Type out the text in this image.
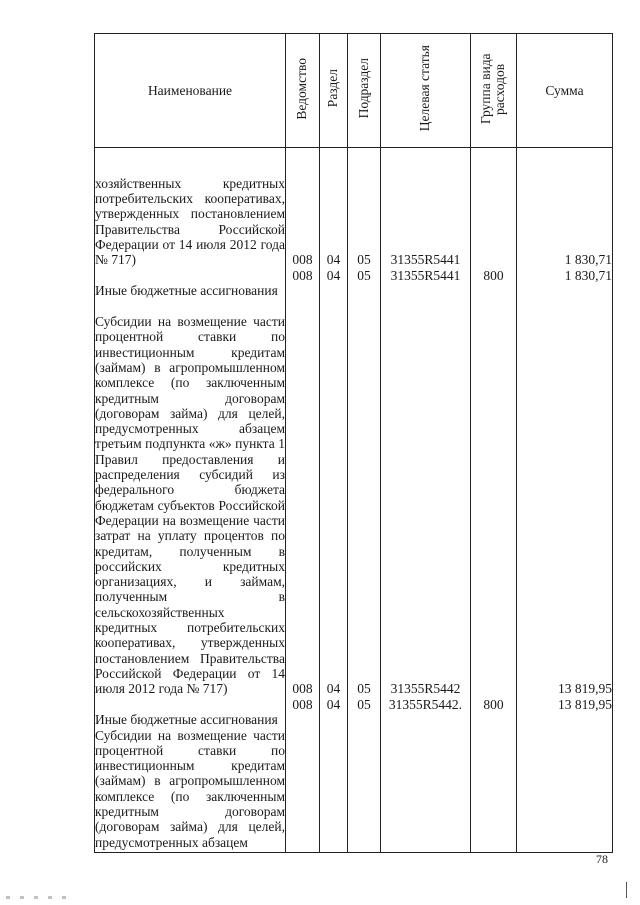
Наименование	Ведомство	Раздел	Подраздел	Целевая статья	Группа вида расходов	Сумма
хозяйственных кредитных потребительских кооперативах, утвержденных постановлением Правительства Российской Федерации от 14 июля 2012 года № 717)	008	04	05	31355R5441		1 830,71
Иные бюджетные ассигнования	008	04	05	31355R5441	800	1 830,71
Субсидии на возмещение части процентной ставки по инвестиционным кредитам (займам) в агропромышленном комплексе (по заключенным кредитным договорам (договорам займа) для целей, предусмотренных абзацем третьим подпункта «ж» пункта 1 Правил предоставления и распределения субсидий из федерального бюджета бюджетам субъектов Российской Федерации на возмещение части затрат на уплату процентов по кредитам, полученным в российских кредитных организациях, и займам, полученным в сельскохозяйственных кредитных потребительских кооперативах, утвержденных постановлением Правительства Российской Федерации от 14 июля 2012 года № 717)	008	04	05	31355R5442		13 819,95
Иные бюджетные ассигнования	008	04	05	31355R5442.	800	13 819,95
Субсидии на возмещение части процентной ставки по инвестиционным кредитам (займам) в агропромышленном комплексе (по заключенным кредитным договорам (договорам займа) для целей, предусмотренных абзацем						
78
